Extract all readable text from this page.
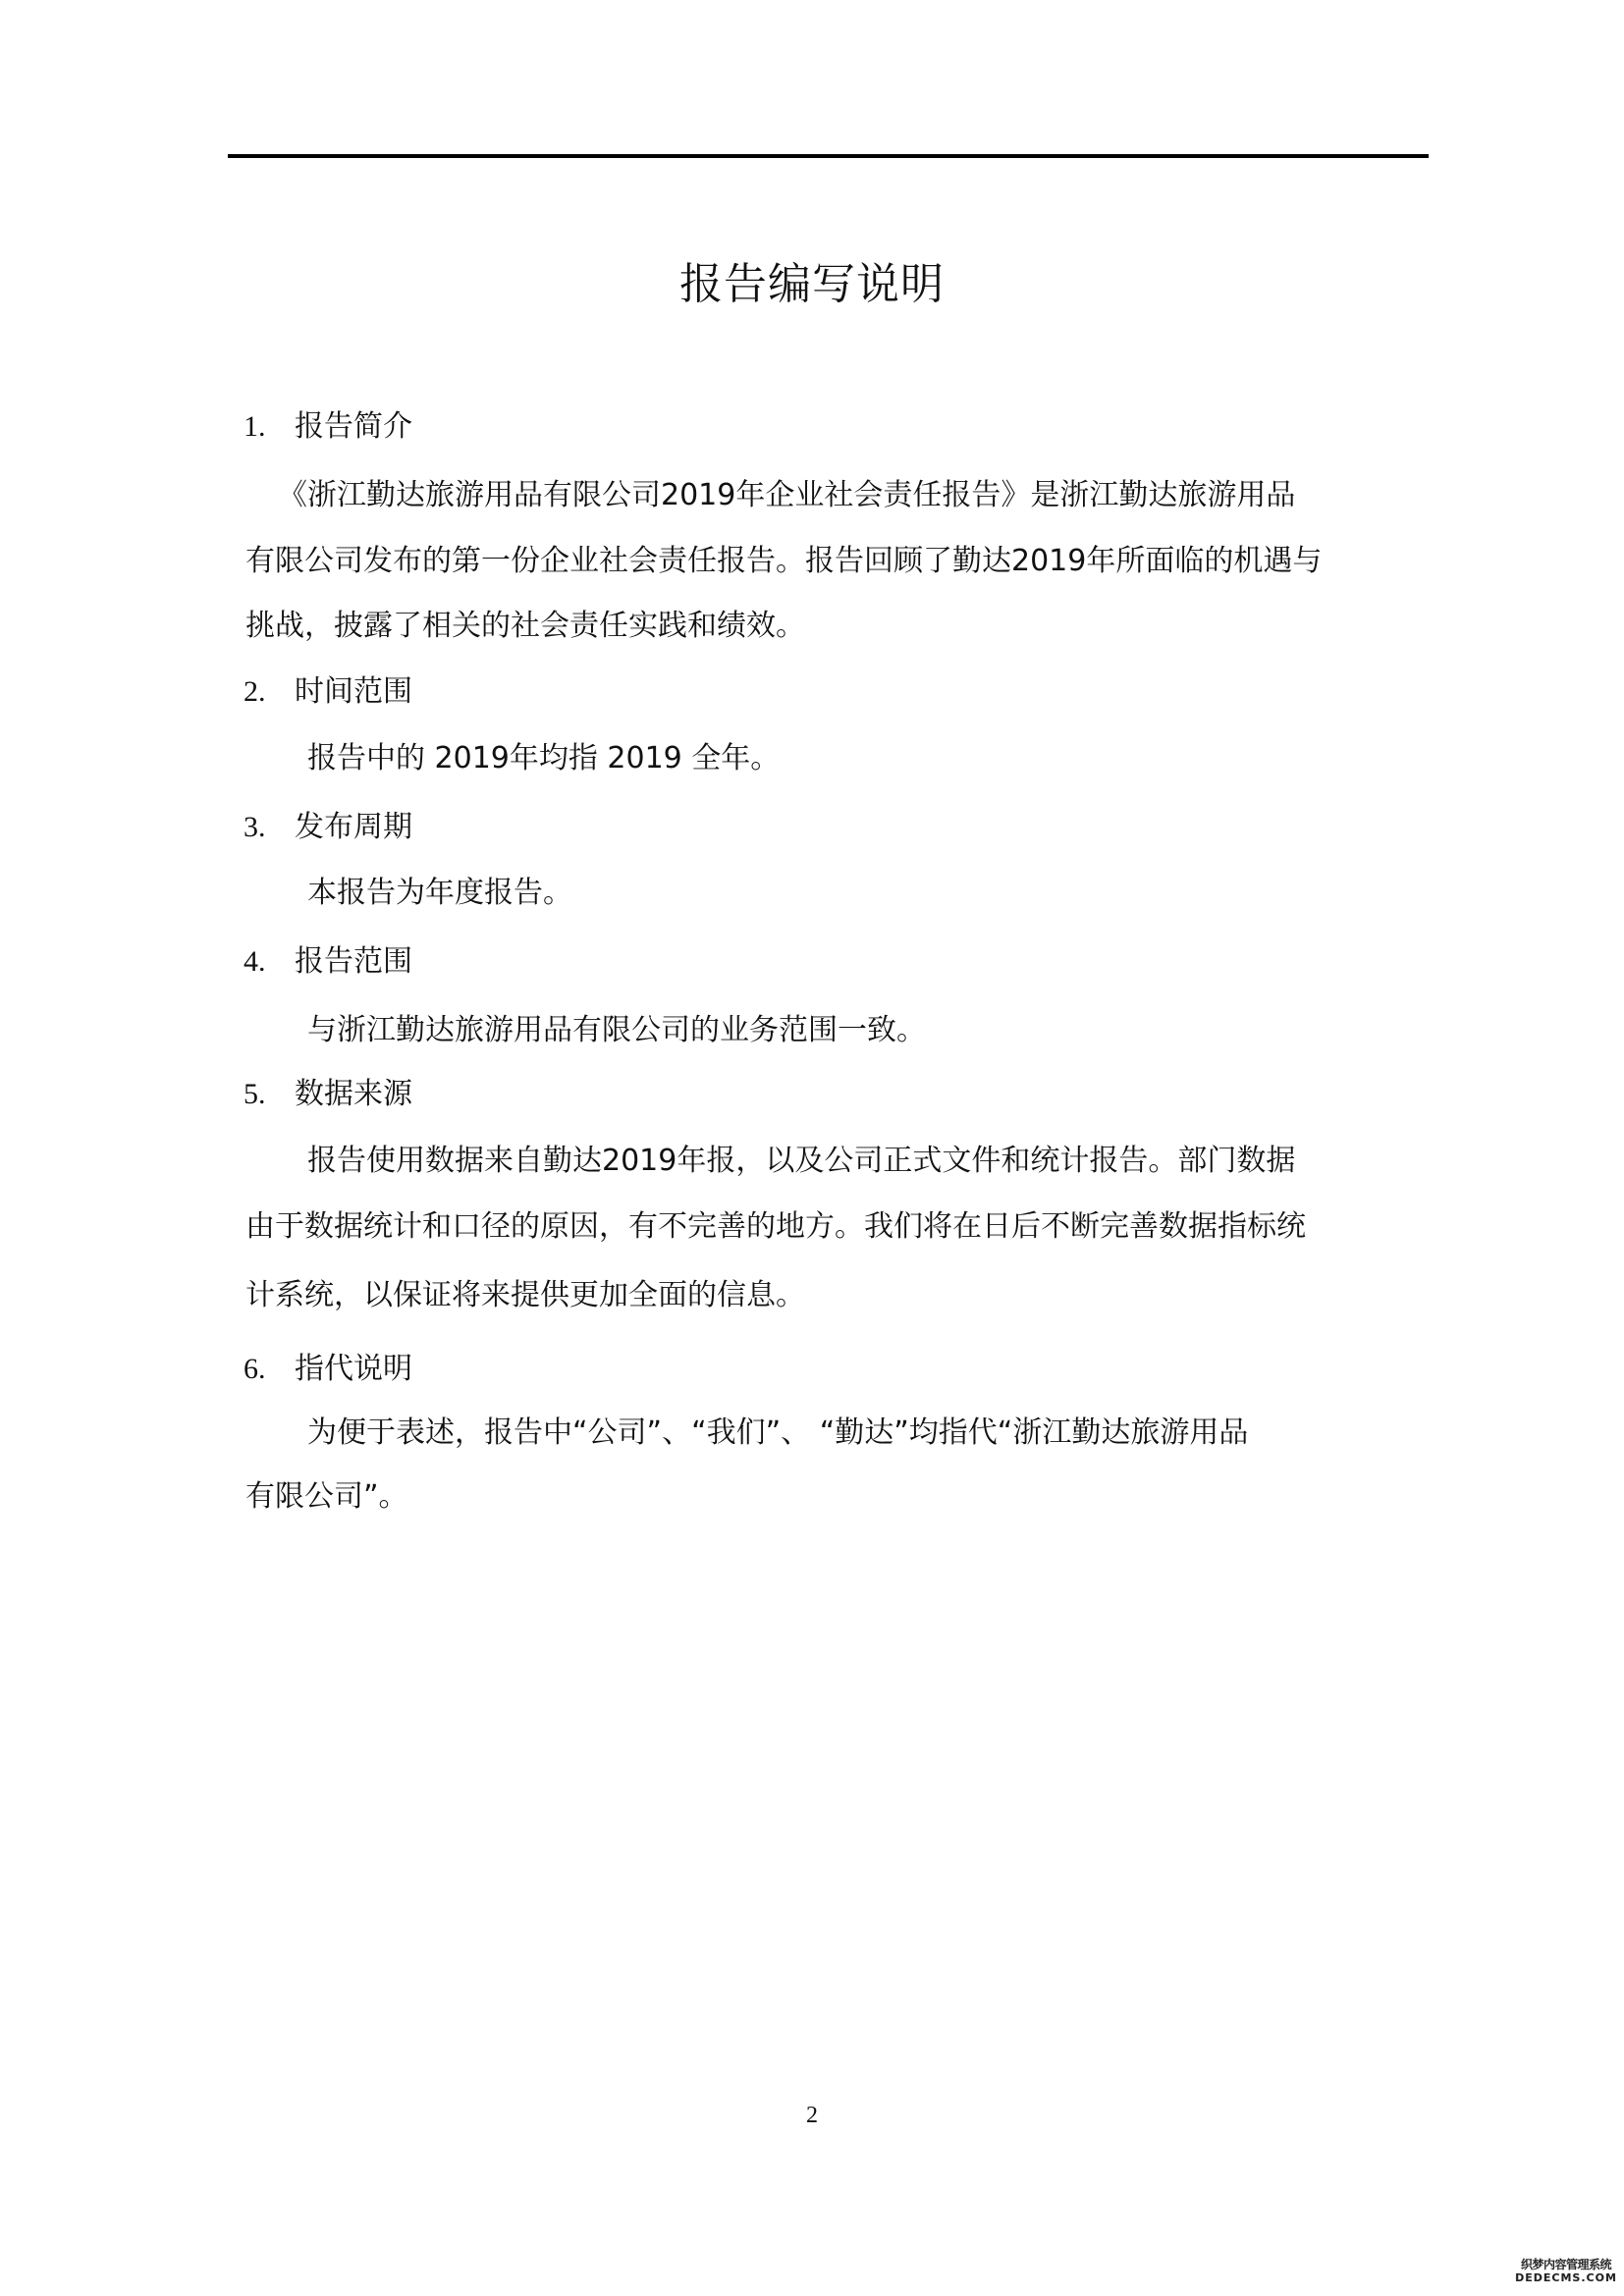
报告编写说明
1. 报告简介
《浙江勤达旅游用品有限公司2019年企业社会责任报告》是浙江勤达旅游用品
有限公司发布的第一份企业社会责任报告。报告回顾了勤达2019年所面临的机遇与
挑战，披露了相关的社会责任实践和绩效。
2. 时间范围
报告中的 2019年均指 2019 全年。
3. 发布周期
本报告为年度报告。
4. 报告范围
与浙江勤达旅游用品有限公司的业务范围一致。
5. 数据来源
报告使用数据来自勤达2019年报，以及公司正式文件和统计报告。部门数据
由于数据统计和口径的原因，有不完善的地方。我们将在日后不断完善数据指标统
计系统，以保证将来提供更加全面的信息。
6. 指代说明
为便于表述，报告中“公司”、“我们”、 “勤达”均指代“浙江勤达旅游用品
有限公司”。
2
织梦内容管理系统
DEDECMS.COM
